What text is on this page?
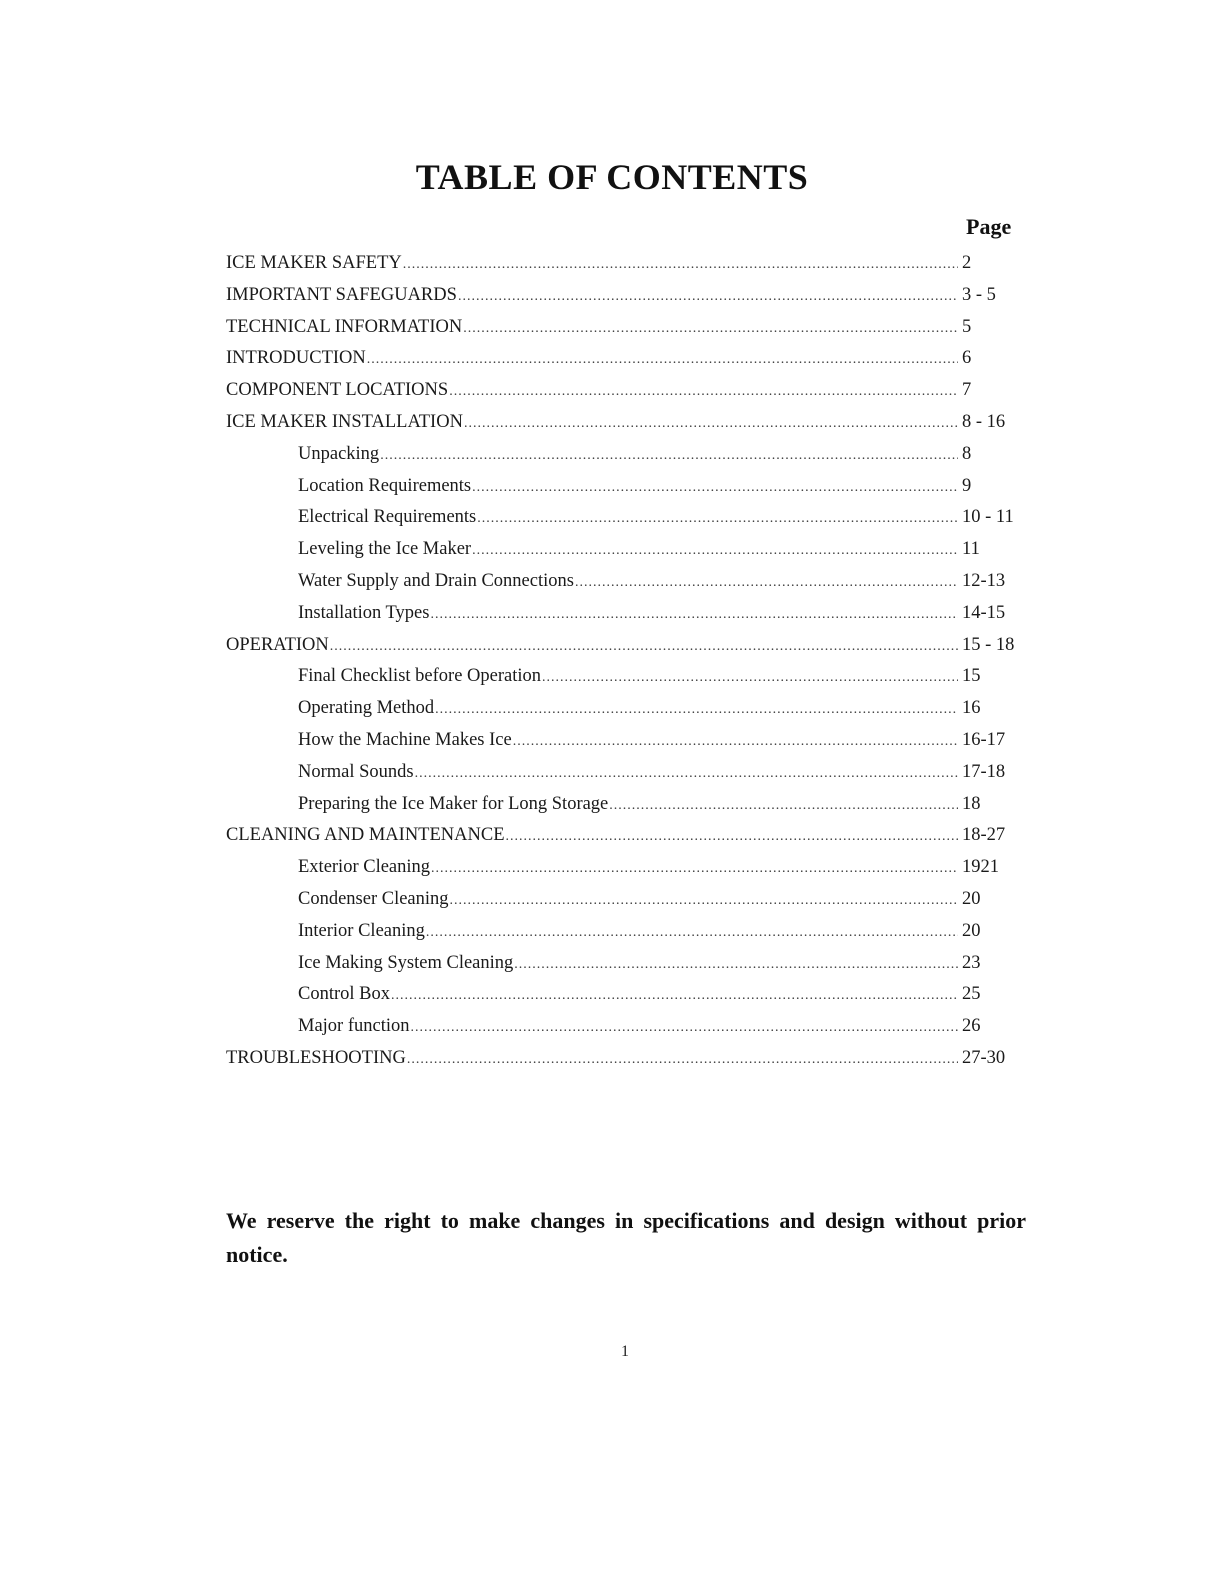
TABLE OF CONTENTS
Page
ICE MAKER SAFETY .....	2
IMPORTANT SAFEGUARDS .....	3 - 5
TECHNICAL INFORMATION .....	5
INTRODUCTION .....	6
COMPONENT LOCATIONS .....	7
ICE MAKER INSTALLATION .....	8 - 16
Unpacking .....	8
Location Requirements .....	9
Electrical Requirements .....	10 - 11
Leveling the Ice Maker .....	11
Water Supply and Drain Connections .....	12-13
Installation Types .....	14-15
OPERATION .....	15 - 18
Final Checklist before Operation .....	15
Operating Method .....	16
How the Machine Makes Ice .....	16-17
Normal Sounds .....	17-18
Preparing the Ice Maker for Long Storage .....	18
CLEANING AND MAINTENANCE .....	18-27
Exterior Cleaning .....	1921
Condenser Cleaning .....	20
Interior Cleaning .....	20
Ice Making System Cleaning .....	23
Control Box .....	25
Major function .....	26
TROUBLESHOOTING .....	27-30
We reserve the right to make changes in specifications and design without prior notice.
1
